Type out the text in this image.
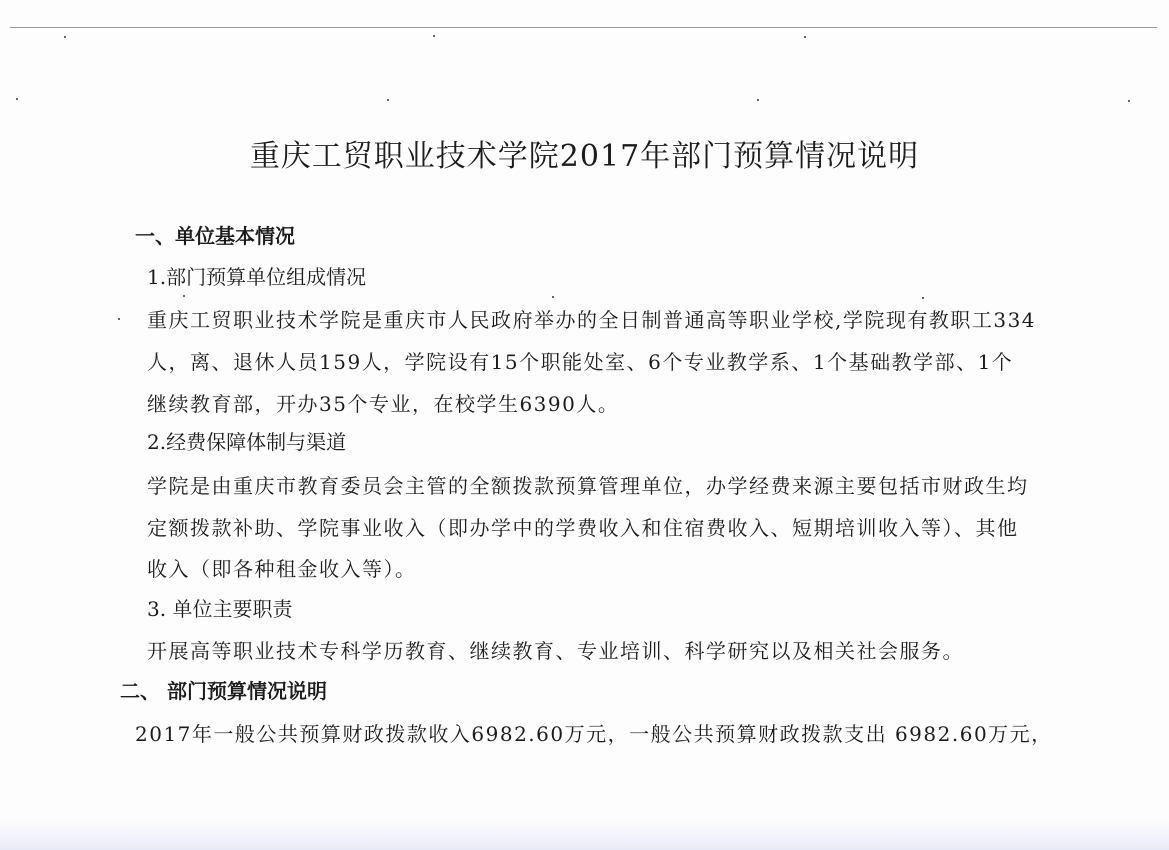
重庆工贸职业技术学院2017年部门预算情况说明

一、单位基本情况

1.部门预算单位组成情况

重庆工贸职业技术学院是重庆市人民政府举办的全日制普通高等职业学校,学院现有教职工334

人，离、退休人员159人，学院设有15个职能处室、6个专业教学系、1个基础教学部、1个

继续教育部，开办35个专业，在校学生6390人。

2.经费保障体制与渠道

学院是由重庆市教育委员会主管的全额拨款预算管理单位，办学经费来源主要包括市财政生均

定额拨款补助、学院事业收入（即办学中的学费收入和住宿费收入、短期培训收入等）、其他

收入（即各种租金收入等）。

3. 单位主要职责

开展高等职业技术专科学历教育、继续教育、专业培训、科学研究以及相关社会服务。

二、 部门预算情况说明

2017年一般公共预算财政拨款收入6982.60万元，一般公共预算财政拨款支出 6982.60万元，
